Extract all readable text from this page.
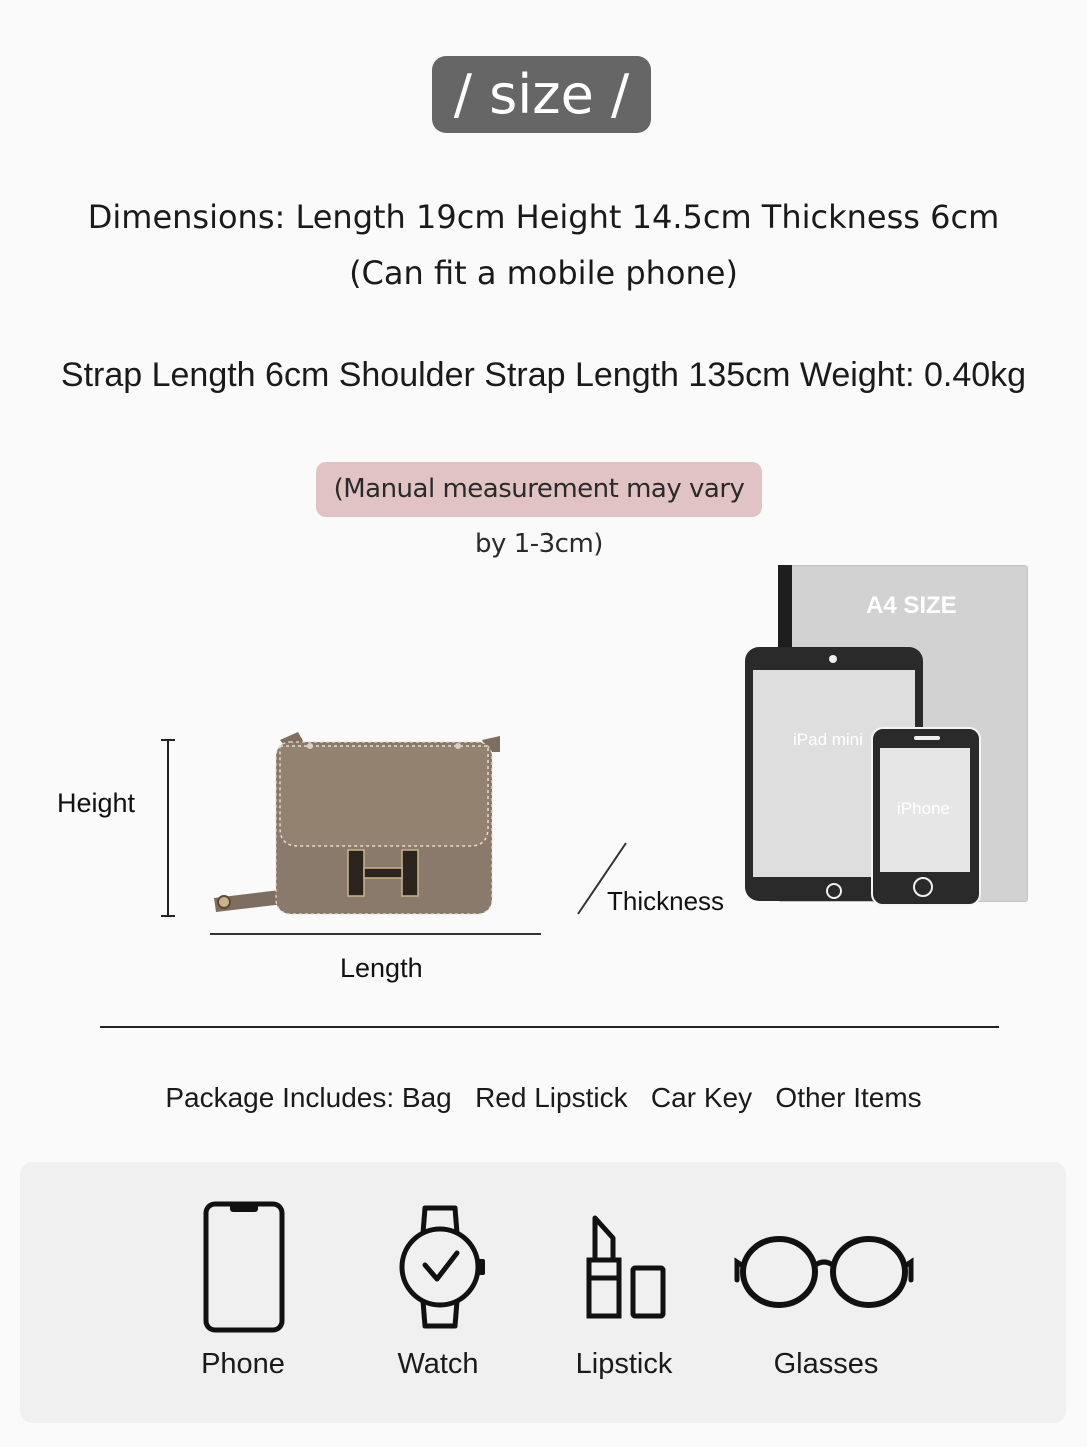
/ size /
Dimensions: Length 19cm Height 14.5cm Thickness 6cm
(Can fit a mobile phone)
Strap Length 6cm Shoulder Strap Length 135cm Weight: 0.40kg
(Manual measurement may vary by 1-3cm)
Height
Length
Thickness
A4 SIZE
iPad mini
iPhone
Package Includes: Bag   Red Lipstick   Car Key   Other Items
Phone	Watch	Lipstick	Glasses
